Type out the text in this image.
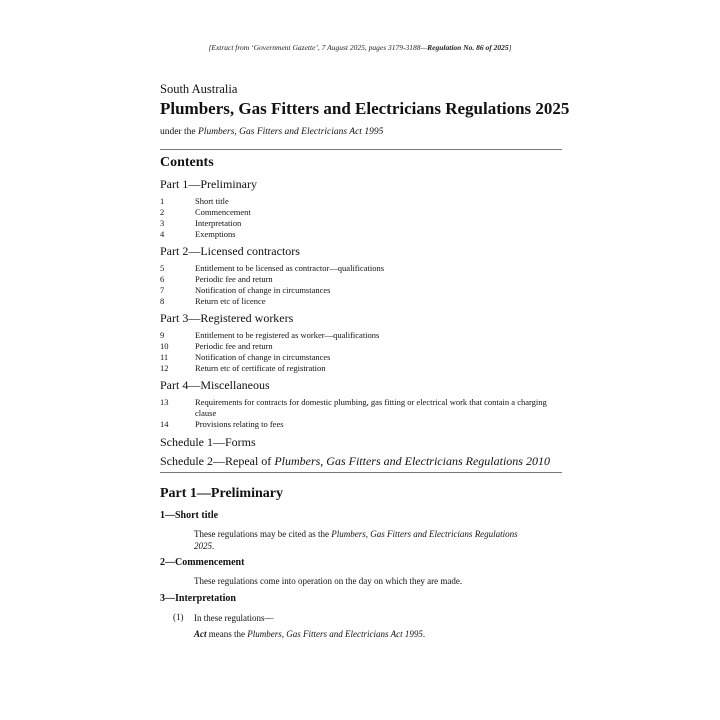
[Extract from ‘Government Gazette’, 7 August 2025, pages 3179-3188—Regulation No. 86 of 2025]
South Australia
Plumbers, Gas Fitters and Electricians Regulations 2025
under the Plumbers, Gas Fitters and Electricians Act 1995
Contents
Part 1—Preliminary
1	Short title
2	Commencement
3	Interpretation
4	Exemptions
Part 2—Licensed contractors
5	Entitlement to be licensed as contractor—qualifications
6	Periodic fee and return
7	Notification of change in circumstances
8	Return etc of licence
Part 3—Registered workers
9	Entitlement to be registered as worker—qualifications
10	Periodic fee and return
11	Notification of change in circumstances
12	Return etc of certificate of registration
Part 4—Miscellaneous
13	Requirements for contracts for domestic plumbing, gas fitting or electrical work that contain a charging clause
14	Provisions relating to fees
Schedule 1—Forms
Schedule 2—Repeal of Plumbers, Gas Fitters and Electricians Regulations 2010
Part 1—Preliminary
1—Short title
These regulations may be cited as the Plumbers, Gas Fitters and Electricians Regulations 2025.
2—Commencement
These regulations come into operation on the day on which they are made.
3—Interpretation
(1) In these regulations—
Act means the Plumbers, Gas Fitters and Electricians Act 1995.
